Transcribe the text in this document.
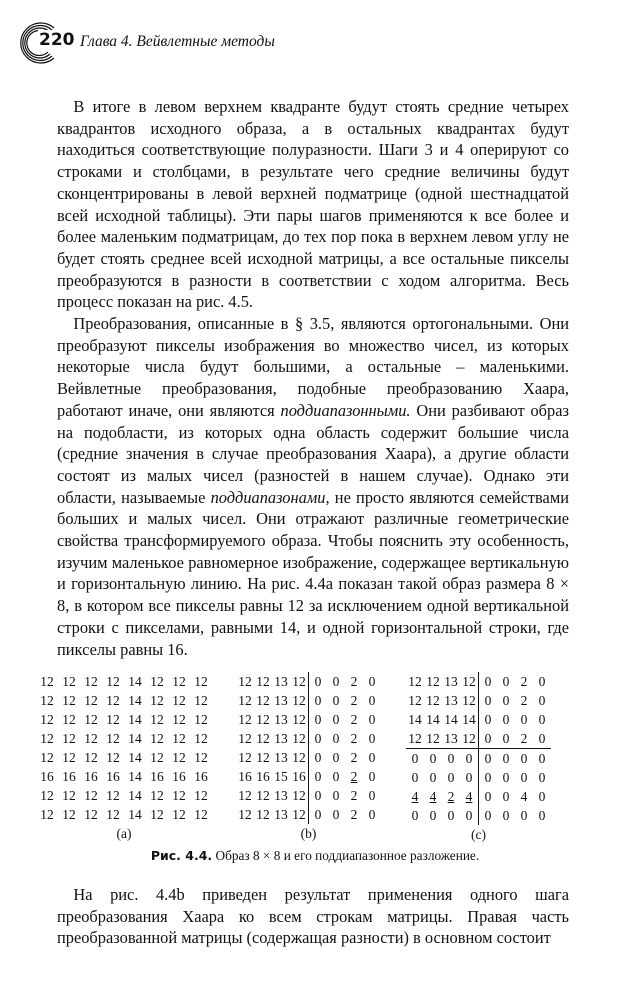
220 Глава 4. Вейвлетные методы

 В итоге в левом верхнем квадранте будут стоять средние четырех квадрантов исходного образа, а в остальных квадрантах будут находиться соответствующие полуразности. Шаги 3 и 4 оперируют со строками и столбцами, в результате чего средние величины будут сконцентрированы в левой верхней подматрице (одной шестнадцатой всей исходной таблицы). Эти пары шагов применяются к все более и более маленьким подматрицам, до тех пор пока в верхнем левом углу не будет стоять среднее всей исходной матрицы, а все остальные пикселы преобразуются в разности в соответствии с ходом алгоритма. Весь процесс показан на рис. 4.5.

 Преобразования, описанные в § 3.5, являются ортогональными. Они преобразуют пикселы изображения во множество чисел, из которых некоторые числа будут большими, а остальные – маленькими. Вейвлетные преобразования, подобные преобразованию Хаара, работают иначе, они являются поддиапазонными. Они разбивают образ на подобласти, из которых одна область содержит большие числа (средние значения в случае преобразования Хаара), а другие области состоят из малых чисел (разностей в нашем случае). Однако эти области, называемые поддиапазонами, не просто являются семействами больших и малых чисел. Они отражают различные геометрические свойства трансформируемого образа. Чтобы пояснить эту особенность, изучим маленькое равномерное изображение, содержащее вертикальную и горизонтальную линию. На рис. 4.4a показан такой образ размера 8 × 8, в котором все пикселы равны 12 за исключением одной вертикальной строки с пикселами, равными 14, и одной горизонтальной строки, где пикселы равны 16.

12	12	12	12	14	12	12	12
12	12	12	12	14	12	12	12
12	12	12	12	14	12	12	12
12	12	12	12	14	12	12	12
12	12	12	12	14	12	12	12
16	16	16	16	14	16	16	16
12	12	12	12	14	12	12	12
12	12	12	12	14	12	12	12
(a)
12	12	13	12	0	0	2	0
12	12	13	12	0	0	2	0
12	12	13	12	0	0	2	0
12	12	13	12	0	0	2	0
12	12	13	12	0	0	2	0
16	16	15	16	0	0	2	0
12	12	13	12	0	0	2	0
12	12	13	12	0	0	2	0
(b)
12	12	13	12	0	0	2	0
12	12	13	12	0	0	2	0
14	14	14	14	0	0	0	0
12	12	13	12	0	0	2	0
0	0	0	0	0	0	0	0
0	0	0	0	0	0	0	0
4	4	2	4	0	0	4	0
0	0	0	0	0	0	0	0
(c)
Рис. 4.4. Образ 8 × 8 и его поддиапазонное разложение.
 На рис. 4.4b приведен результат применения одного шага преобразования Хаара ко всем строкам матрицы. Правая часть преобразованной матрицы (содержащая разности) в основном состоит
